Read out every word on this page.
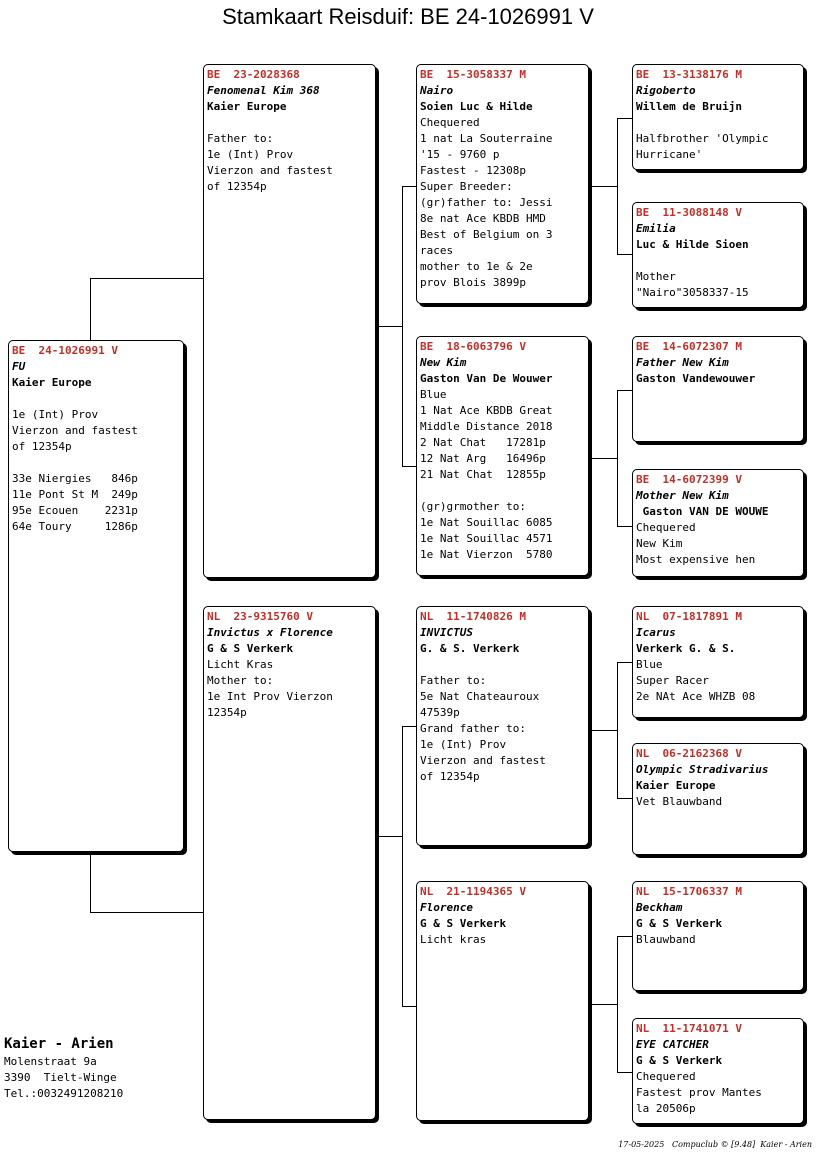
Stamkaart Reisduif: BE 24-1026991 V
BE  24-1026991 V
FU
Kaier Europe
1e (Int) Prov
Vierzon and fastest
of 12354p
33e Niergies   846p
11e Pont St M  249p
95e Ecouen    2231p
64e Toury     1286p
BE  23-2028368
Fenomenal Kim 368
Kaier Europe
Father to:
1e (Int) Prov
Vierzon and fastest
of 12354p
NL  23-9315760 V
Invictus x Florence
G & S Verkerk
Licht Kras
Mother to:
1e Int Prov Vierzon
12354p
BE  15-3058337 M
Nairo
Soien Luc & Hilde
Chequered
1 nat La Souterraine
'15 - 9760 p
Fastest - 12308p
Super Breeder:
(gr)father to: Jessi
8e nat Ace KBDB HMD
Best of Belgium on 3
races
mother to 1e & 2e
prov Blois 3899p
BE  18-6063796 V
New Kim
Gaston Van De Wouwer
Blue
1 Nat Ace KBDB Great
Middle Distance 2018
2 Nat Chat   17281p
12 Nat Arg   16496p
21 Nat Chat  12855p
(gr)grmother to:
1e Nat Souillac 6085
1e Nat Souillac 4571
1e Nat Vierzon  5780
NL  11-1740826 M
INVICTUS
G. & S. Verkerk
Father to:
5e Nat Chateauroux
47539p
Grand father to:
1e (Int) Prov
Vierzon and fastest
of 12354p
NL  21-1194365 V
Florence
G & S Verkerk
Licht kras
BE  13-3138176 M
Rigoberto
Willem de Bruijn
Halfbrother 'Olympic
Hurricane'
BE  11-3088148 V
Emilia
Luc & Hilde Sioen
Mother
"Nairo"3058337-15
BE  14-6072307 M
Father New Kim
Gaston Vandewouwer
BE  14-6072399 V
Mother New Kim
Gaston VAN DE WOUWE
Chequered
New Kim
Most expensive hen
NL  07-1817891 M
Icarus
Verkerk G. & S.
Blue
Super Racer
2e NAt Ace WHZB 08
NL  06-2162368 V
Olympic Stradivarius
Kaier Europe
Vet Blauwband
NL  15-1706337 M
Beckham
G & S Verkerk
Blauwband
NL  11-1741071 V
EYE CATCHER
G & S Verkerk
Chequered
Fastest prov Mantes
la 20506p
Kaier - Arien
Molenstraat 9a
3390  Tielt-Winge
Tel.:0032491208210
17-05-2025   Compuclub © [9.48]  Kaier - Arien
